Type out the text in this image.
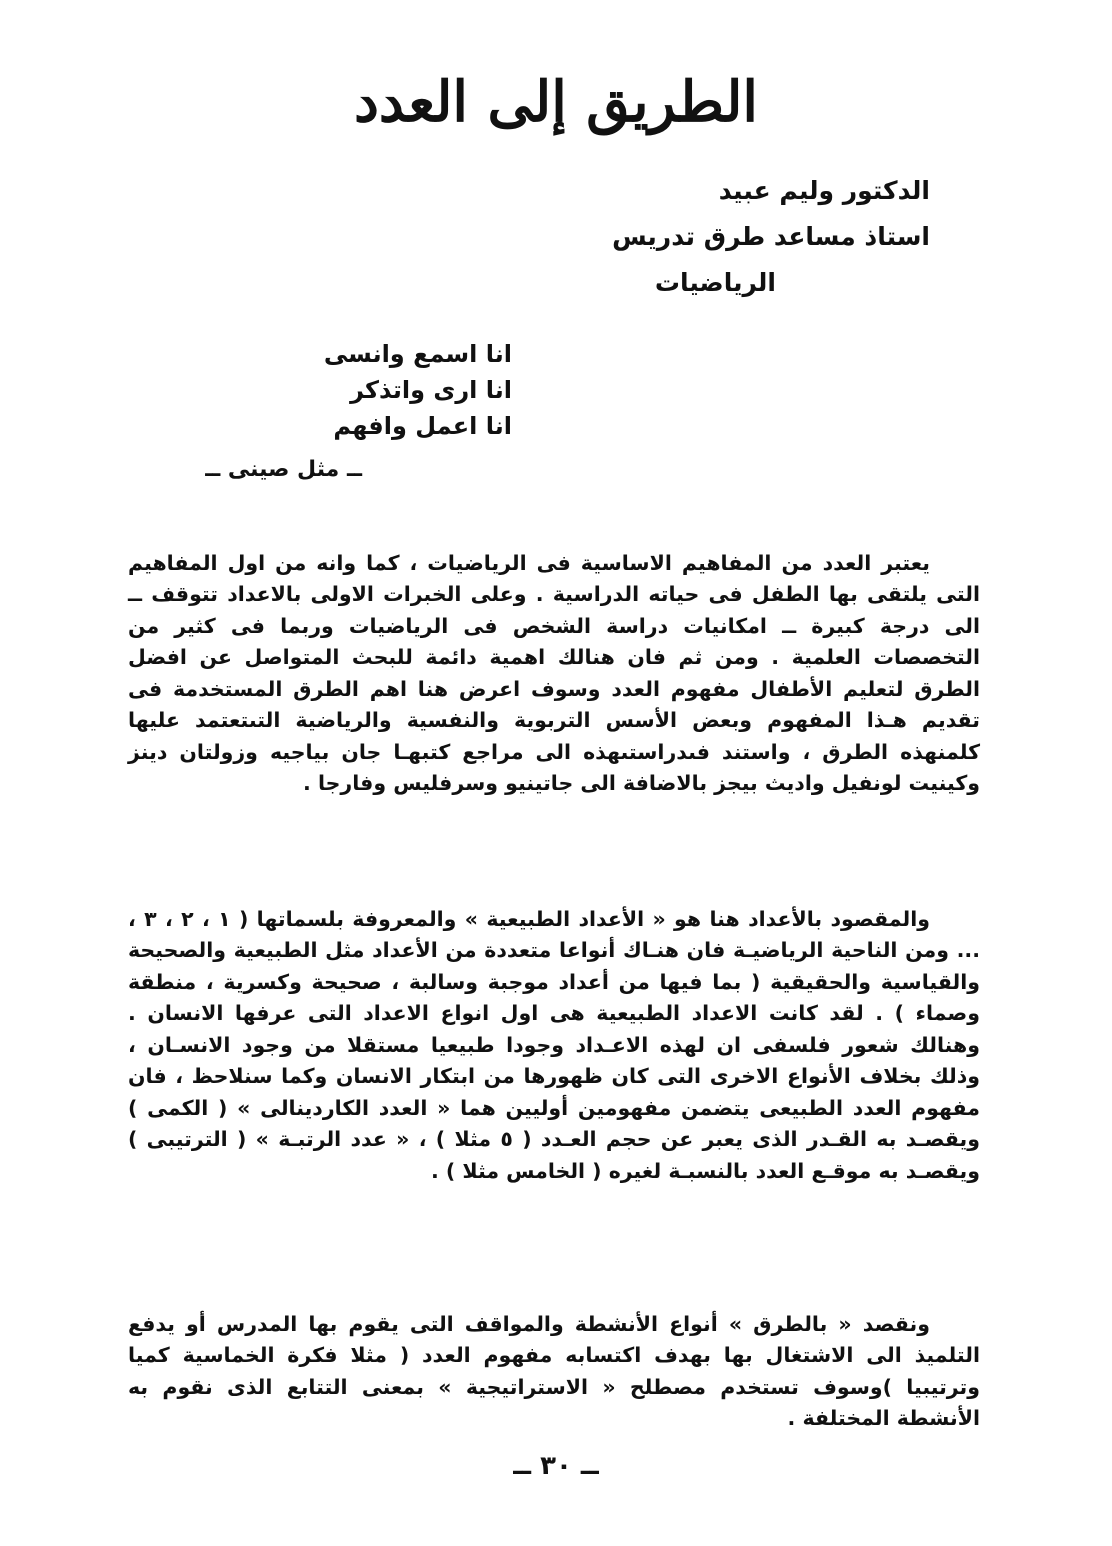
الطريق إلى العدد
الدكتور وليم عبيد
استاذ مساعد طرق تدريس
الرياضيات
انا اسمع وانسى
انا ارى واتذكر
انا اعمل وافهم
ــ مثل صينى ــ

يعتبر العدد من المفاهيم الاساسية فى الرياضيات ، كما وانه من اول المفاهيم التى يلتقى بها الطفل فى حياته الدراسية . وعلى الخبرات الاولى بالاعداد تتوقف ــ الى درجة كبيرة ــ امكانيات دراسة الشخص فى الرياضيات وربما فى كثير من التخصصات العلمية . ومن ثم فان هنالك اهمية دائمة للبحث المتواصل عن افضل الطرق لتعليم الأطفال مفهوم العدد وسوف اعرض هنا اهم الطرق المستخدمة فى تقديم هـذا المفهوم وبعض الأسس التربوية والنفسية والرياضية التىتعتمد عليها كلمنهذه الطرق ، واستند فىدراستىهذه الى مراجع كتبهـا جان بياجيه وزولتان دينز وكينيت لونفيل واديث بيجز بالاضافة الى جاتينيو وسرفليس وفارجا .

والمقصود بالأعداد هنا هو « الأعداد الطبيعية » والمعروفة بلسماتها ( ١ ، ٢ ، ٣ ، ... ومن الناحية الرياضيـة فان هنـاك أنواعا متعددة من الأعداد مثل الطبيعية والصحيحة والقياسية والحقيقية ( بما فيها من أعداد موجبة وسالبة ، صحيحة وكسرية ، منطقة وصماء ) . لقد كانت الاعداد الطبيعية هى اول انواع الاعداد التى عرفها الانسان . وهنالك شعور فلسفى ان لهذه الاعـداد وجودا طبيعيا مستقلا من وجود الانسـان ، وذلك بخلاف الأنواع الاخرى التى كان ظهورها من ابتكار الانسان وكما سنلاحظ ، فان مفهوم العدد الطبيعى يتضمن مفهومين أوليين هما « العدد الكاردينالى » ( الكمى ) ويقصـد به القـدر الذى يعبر عن حجم العـدد ( ٥ مثلا ) ، « عدد الرتبـة » ( الترتيبى ) ويقصـد به موقـع العدد بالنسبـة لغيره ( الخامس مثلا ) .

ونقصد « بالطرق » أنواع الأنشطة والمواقف التى يقوم بها المدرس أو يدفع التلميذ الى الاشتغال بها بهدف اكتسابه مفهوم العدد ( مثلا فكرة الخماسية كميا وترتيبيا )وسوف تستخدم مصطلح « الاستراتيجية » بمعنى التتابع الذى نقوم به الأنشطة المختلفة .

ــ ٣٠ ــ
